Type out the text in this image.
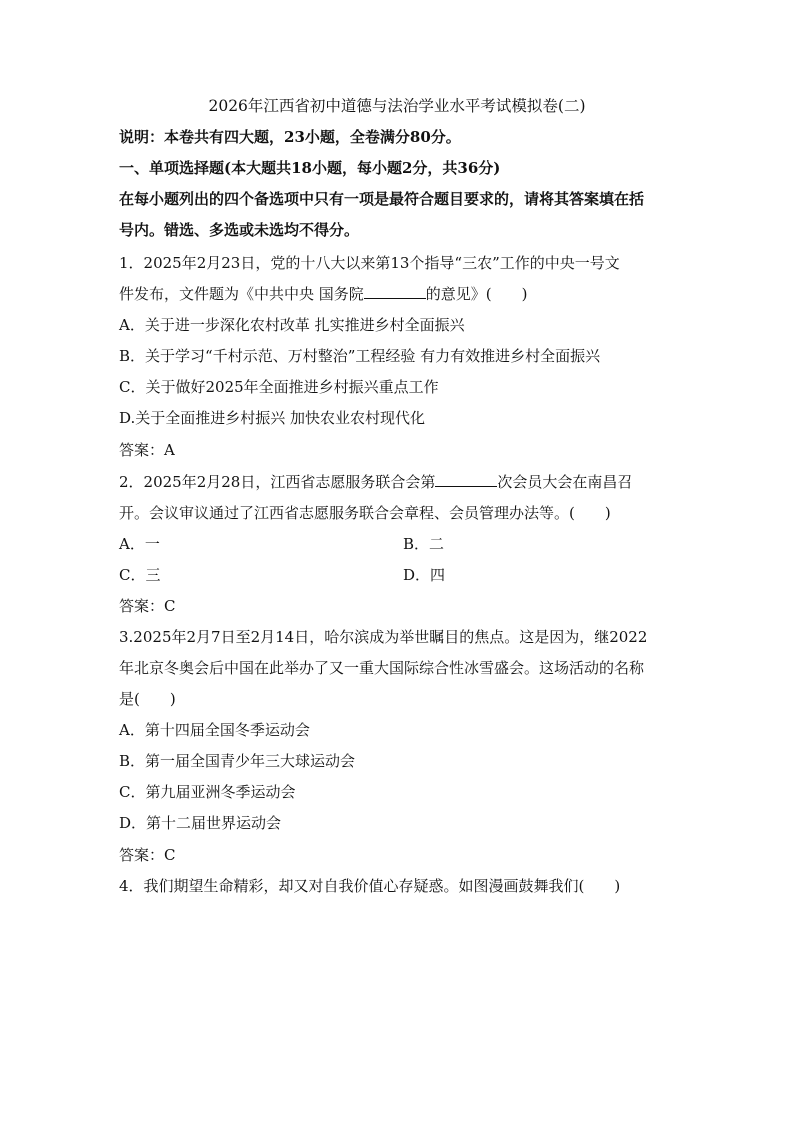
2026年江西省初中道德与法治学业水平考试模拟卷(二)
说明：本卷共有四大题，23小题，全卷满分80分。
一、单项选择题(本大题共18小题，每小题2分，共36分)
在每小题列出的四个备选项中只有一项是最符合题目要求的，请将其答案填在括
号内。错选、多选或未选均不得分。
1．2025年2月23日，党的十八大以来第13个指导“三农”工作的中央一号文
件发布，文件题为《中共中央 国务院	的意见》(　　)
A．关于进一步深化农村改革 扎实推进乡村全面振兴
B．关于学习“千村示范、万村整治”工程经验 有力有效推进乡村全面振兴
C．关于做好2025年全面推进乡村振兴重点工作
D.关于全面推进乡村振兴 加快农业农村现代化
答案：A
2．2025年2月28日，江西省志愿服务联合会第	次会员大会在南昌召
开。会议审议通过了江西省志愿服务联合会章程、会员管理办法等。(　　)
A．一	B．二
C．三	D．四
答案：C
3.2025年2月7日至2月14日，哈尔滨成为举世瞩目的焦点。这是因为，继2022
年北京冬奥会后中国在此举办了又一重大国际综合性冰雪盛会。这场活动的名称
是(　　)
A．第十四届全国冬季运动会
B．第一届全国青少年三大球运动会
C．第九届亚洲冬季运动会
D．第十二届世界运动会
答案：C
4．我们期望生命精彩，却又对自我价值心存疑惑。如图漫画鼓舞我们(　　)
